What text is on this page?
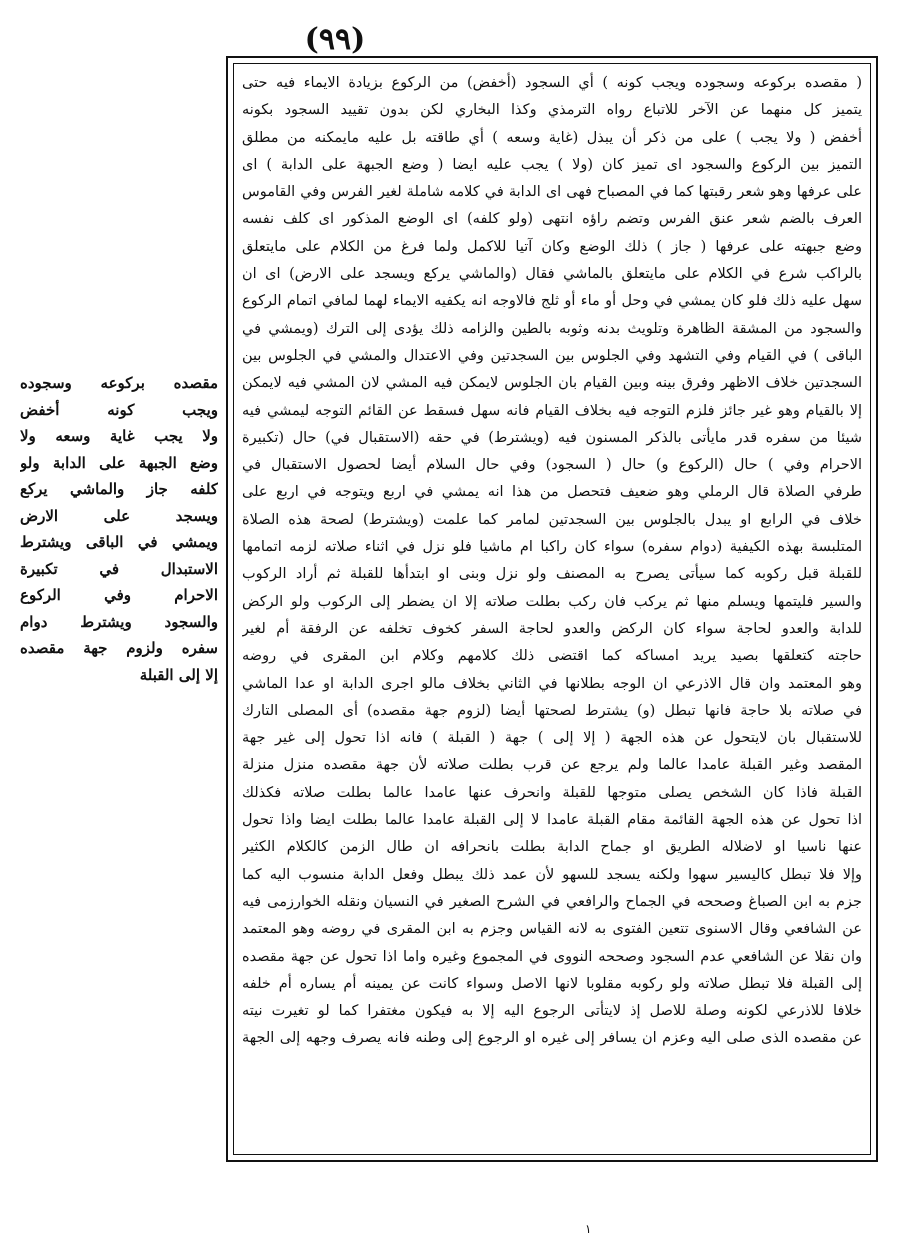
(٩٩)
( مقصده بركوعه وسجوده ويجب كونه ) أي السجود (أخفض) من الركوع بزيادة الايماء فيه حتى
يتميز كل منهما عن الآخر للاتباع رواه الترمذي وكذا البخاري لكن بدون تقييد السجود بكونه
أخفض ( ولا يجب ) على من ذكر أن يبذل (غاية وسعه ) أي طاقته بل عليه مايمكنه من مطلق
التميز بين الركوع والسجود اى تميز كان (ولا ) يجب عليه ايضا ( وضع الجبهة على الدابة ) اى
على عرفها وهو شعر رقبتها كما في المصباح فهى اى الدابة في كلامه شاملة لغير الفرس وفي القاموس
العرف بالضم شعر عنق الفرس وتضم راؤه انتهى (ولو كلفه) اى الوضع المذكور اى كلف نفسه
وضع جبهته على عرفها ( جاز ) ذلك الوضع وكان آتيا للاكمل ولما فرغ من الكلام على مايتعلق
بالراكب شرع في الكلام على مايتعلق بالماشي فقال (والماشي يركع ويسجد على الارض) اى ان
سهل عليه ذلك فلو كان يمشي في وحل أو ماء أو ثلج فالاوجه انه يكفيه الايماء لهما لمافي اتمام الركوع
والسجود من المشقة الظاهرة وتلويث بدنه وثوبه بالطين والزامه ذلك يؤدى إلى الترك (ويمشي في
الباقى ) في القيام وفي التشهد وفي الجلوس بين السجدتين وفي الاعتدال والمشي في الجلوس بين
السجدتين خلاف الاظهر وفرق بينه وبين القيام بان الجلوس لايمكن فيه المشي لان المشي فيه لايمكن
إلا بالقيام وهو غير جائز فلزم التوجه فيه بخلاف القيام فانه سهل فسقط عن القائم التوجه ليمشي فيه
شيئا من سفره قدر مايأتى بالذكر المسنون فيه (ويشترط) في حقه (الاستقبال في) حال (تكبيرة
الاحرام وفي ) حال (الركوع و) حال ( السجود) وفي حال السلام أيضا لحصول الاستقبال في
طرفي الصلاة قال الرملي وهو ضعيف فتحصل من هذا انه يمشي في اربع ويتوجه في اربع على
خلاف في الرابع او يبدل بالجلوس بين السجدتين لمامر كما علمت (ويشترط) لصحة هذه الصلاة
المتلبسة بهذه الكيفية (دوام سفره) سواء كان راكبا ام ماشيا فلو نزل في اثناء صلاته لزمه اتمامها
للقبلة قبل ركوبه كما سيأتى يصرح به المصنف ولو نزل وبنى او ابتدأها للقبلة ثم أراد الركوب
والسير فليتمها ويسلم منها ثم يركب فان ركب بطلت صلاته إلا ان يضطر إلى الركوب ولو الركض
للدابة والعدو لحاجة سواء كان الركض والعدو لحاجة السفر كخوف تخلفه عن الرفقة أم لغير
حاجته كتعلقها بصيد يريد امساكه كما اقتضى ذلك كلامهم وكلام ابن المقرى في روضه
وهو المعتمد وان قال الاذرعي ان الوجه بطلانها في الثاني بخلاف مالو اجرى الدابة او عدا الماشي
في صلاته بلا حاجة فانها تبطل (و) يشترط لصحتها أيضا (لزوم جهة مقصده) أى المصلى التارك
للاستقبال بان لايتحول عن هذه الجهة ( إلا إلى ) جهة ( القبلة ) فانه اذا تحول إلى غير جهة
المقصد وغير القبلة عامدا عالما ولم يرجع عن قرب بطلت صلاته لأن جهة مقصده منزل منزلة
القبلة فاذا كان الشخص يصلى متوجها للقبلة وانحرف عنها عامدا عالما بطلت صلاته فكذلك
اذا تحول عن هذه الجهة القائمة مقام القبلة عامدا لا إلى القبلة عامدا عالما بطلت ايضا واذا تحول
عنها ناسيا او لاضلاله الطريق او جماح الدابة بطلت بانحرافه ان طال الزمن كالكلام الكثير
وإلا فلا تبطل كاليسير سهوا ولكنه يسجد للسهو لأن عمد ذلك يبطل وفعل الدابة منسوب اليه كما
جزم به ابن الصباغ وصححه في الجماح والرافعي في الشرح الصغير في النسيان ونقله الخوارزمى فيه
عن الشافعي وقال الاسنوى تتعين الفتوى به لانه القياس وجزم به ابن المقرى في روضه وهو المعتمد
وان نقلا عن الشافعي عدم السجود وصححه النووى في المجموع وغيره واما اذا تحول عن جهة مقصده
إلى القبلة فلا تبطل صلاته ولو ركوبه مقلوبا لانها الاصل وسواء كانت عن يمينه أم يساره أم خلفه
خلافا للاذرعي لكونه وصلة للاصل إذ لايتأتى الرجوع اليه إلا به فيكون مغتفرا كما لو تغيرت نيته
عن مقصده الذى صلى اليه وعزم ان يسافر إلى غيره او الرجوع إلى وطنه فانه يصرف وجهه إلى الجهة
مقصده بركوعه وسجوده
ويجب كونه أخفض
ولا يجب غاية وسعه ولا
وضع الجبهة على الدابة ولو
كلفه جاز والماشي يركع
ويسجد على الارض
ويمشي في الباقى ويشترط
الاستبدال في تكبيرة
الاحرام وفي الركوع
والسجود ويشترط دوام
سفره ولزوم جهة مقصده
إلا إلى القبلة
١
